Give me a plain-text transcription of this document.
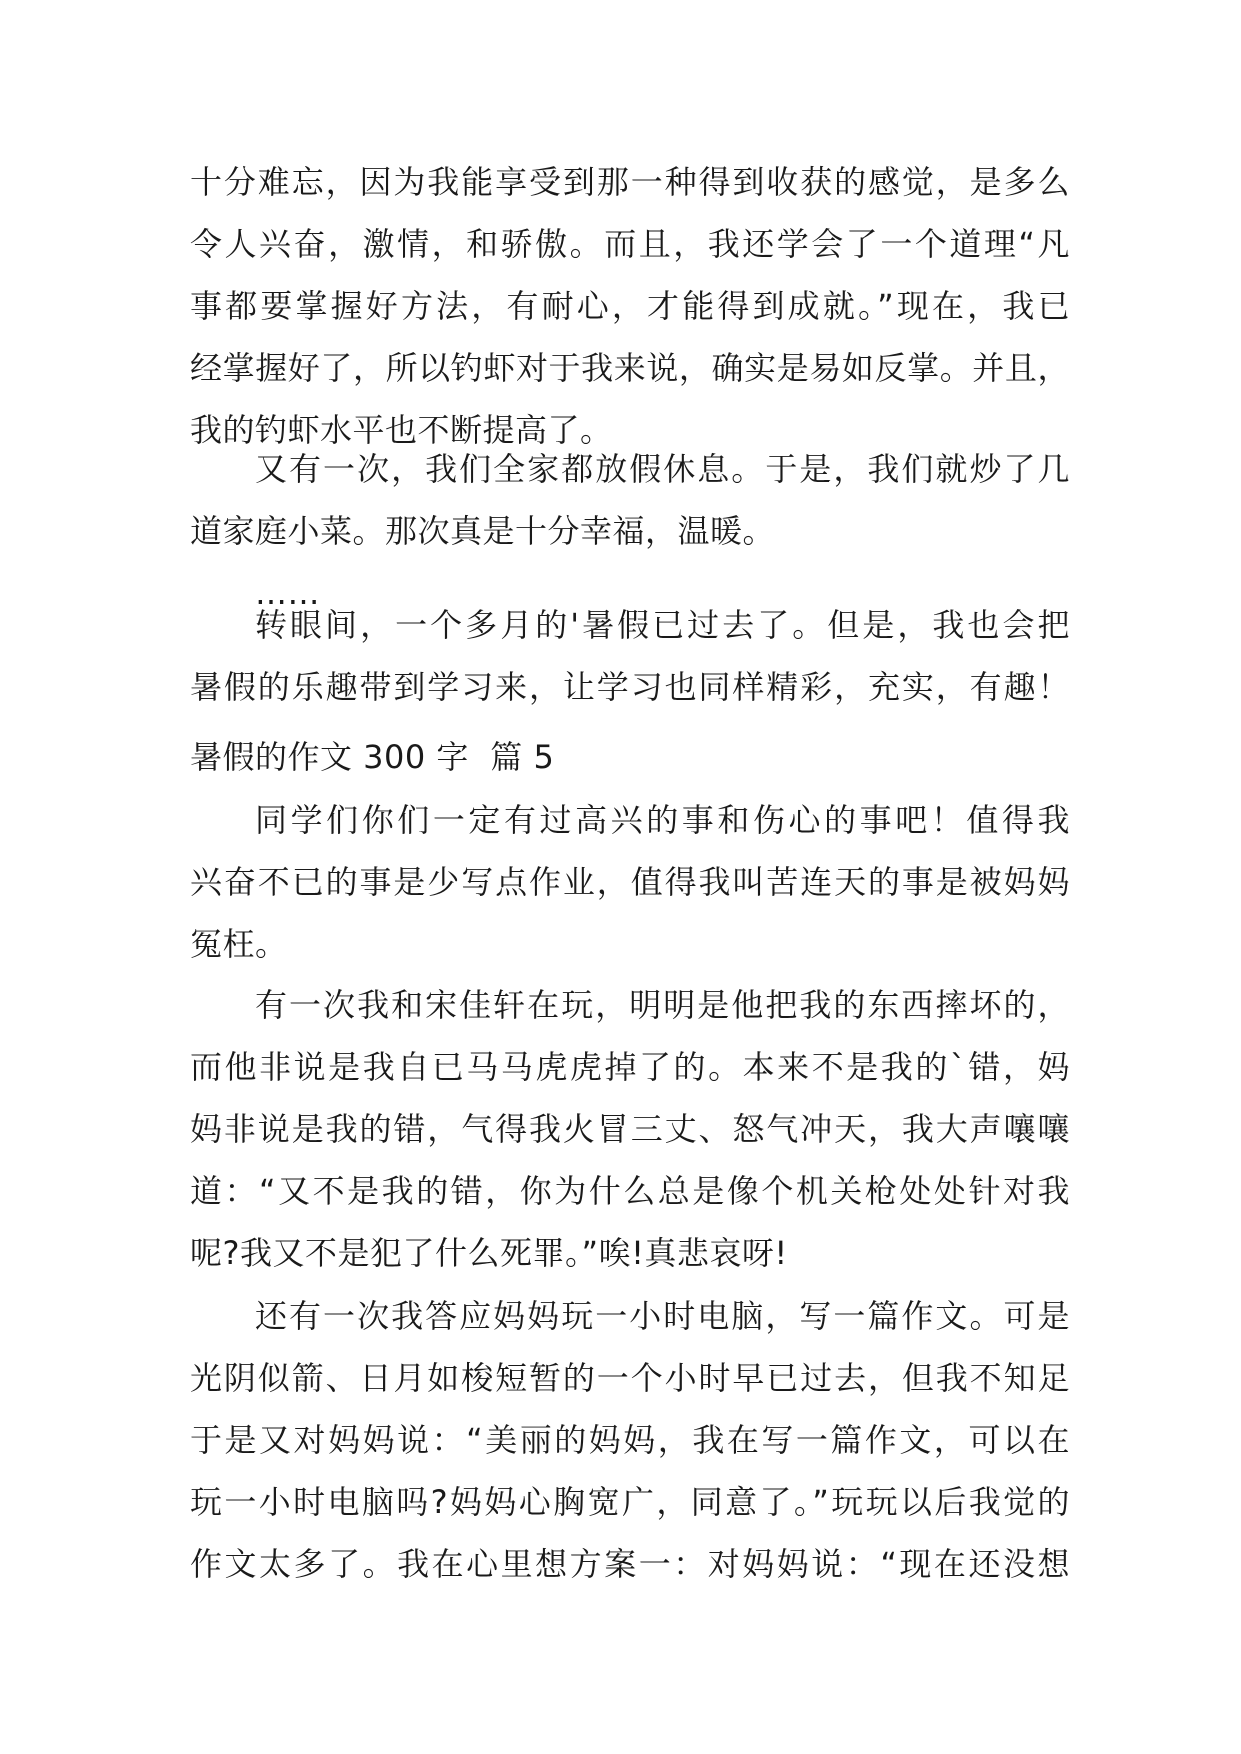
十分难忘，因为我能享受到那一种得到收获的感觉，是多么
令人兴奋，激情，和骄傲。而且，我还学会了一个道理“凡
事都要掌握好方法，有耐心，才能得到成就。”现在，我已
经掌握好了，所以钓虾对于我来说，确实是易如反掌。并且，
我的钓虾水平也不断提高了。
又有一次，我们全家都放假休息。于是，我们就炒了几
道家庭小菜。那次真是十分幸福，温暖。
……
转眼间，一个多月的'暑假已过去了。但是，我也会把
暑假的乐趣带到学习来，让学习也同样精彩，充实，有趣！
暑假的作文 300 字  篇 5
同学们你们一定有过高兴的事和伤心的事吧！值得我
兴奋不已的事是少写点作业，值得我叫苦连天的事是被妈妈
冤枉。
有一次我和宋佳轩在玩，明明是他把我的东西摔坏的，
而他非说是我自已马马虎虎掉了的。本来不是我的`错，妈
妈非说是我的错，气得我火冒三丈、怒气冲天，我大声嚷嚷
道：“又不是我的错，你为什么总是像个机关枪处处针对我
呢?我又不是犯了什么死罪。”唉!真悲哀呀!
还有一次我答应妈妈玩一小时电脑，写一篇作文。可是
光阴似箭、日月如梭短暂的一个小时早已过去，但我不知足
于是又对妈妈说：“美丽的妈妈，我在写一篇作文，可以在
玩一小时电脑吗?妈妈心胸宽广，同意了。”玩玩以后我觉的
作文太多了。我在心里想方案一：对妈妈说：“现在还没想
